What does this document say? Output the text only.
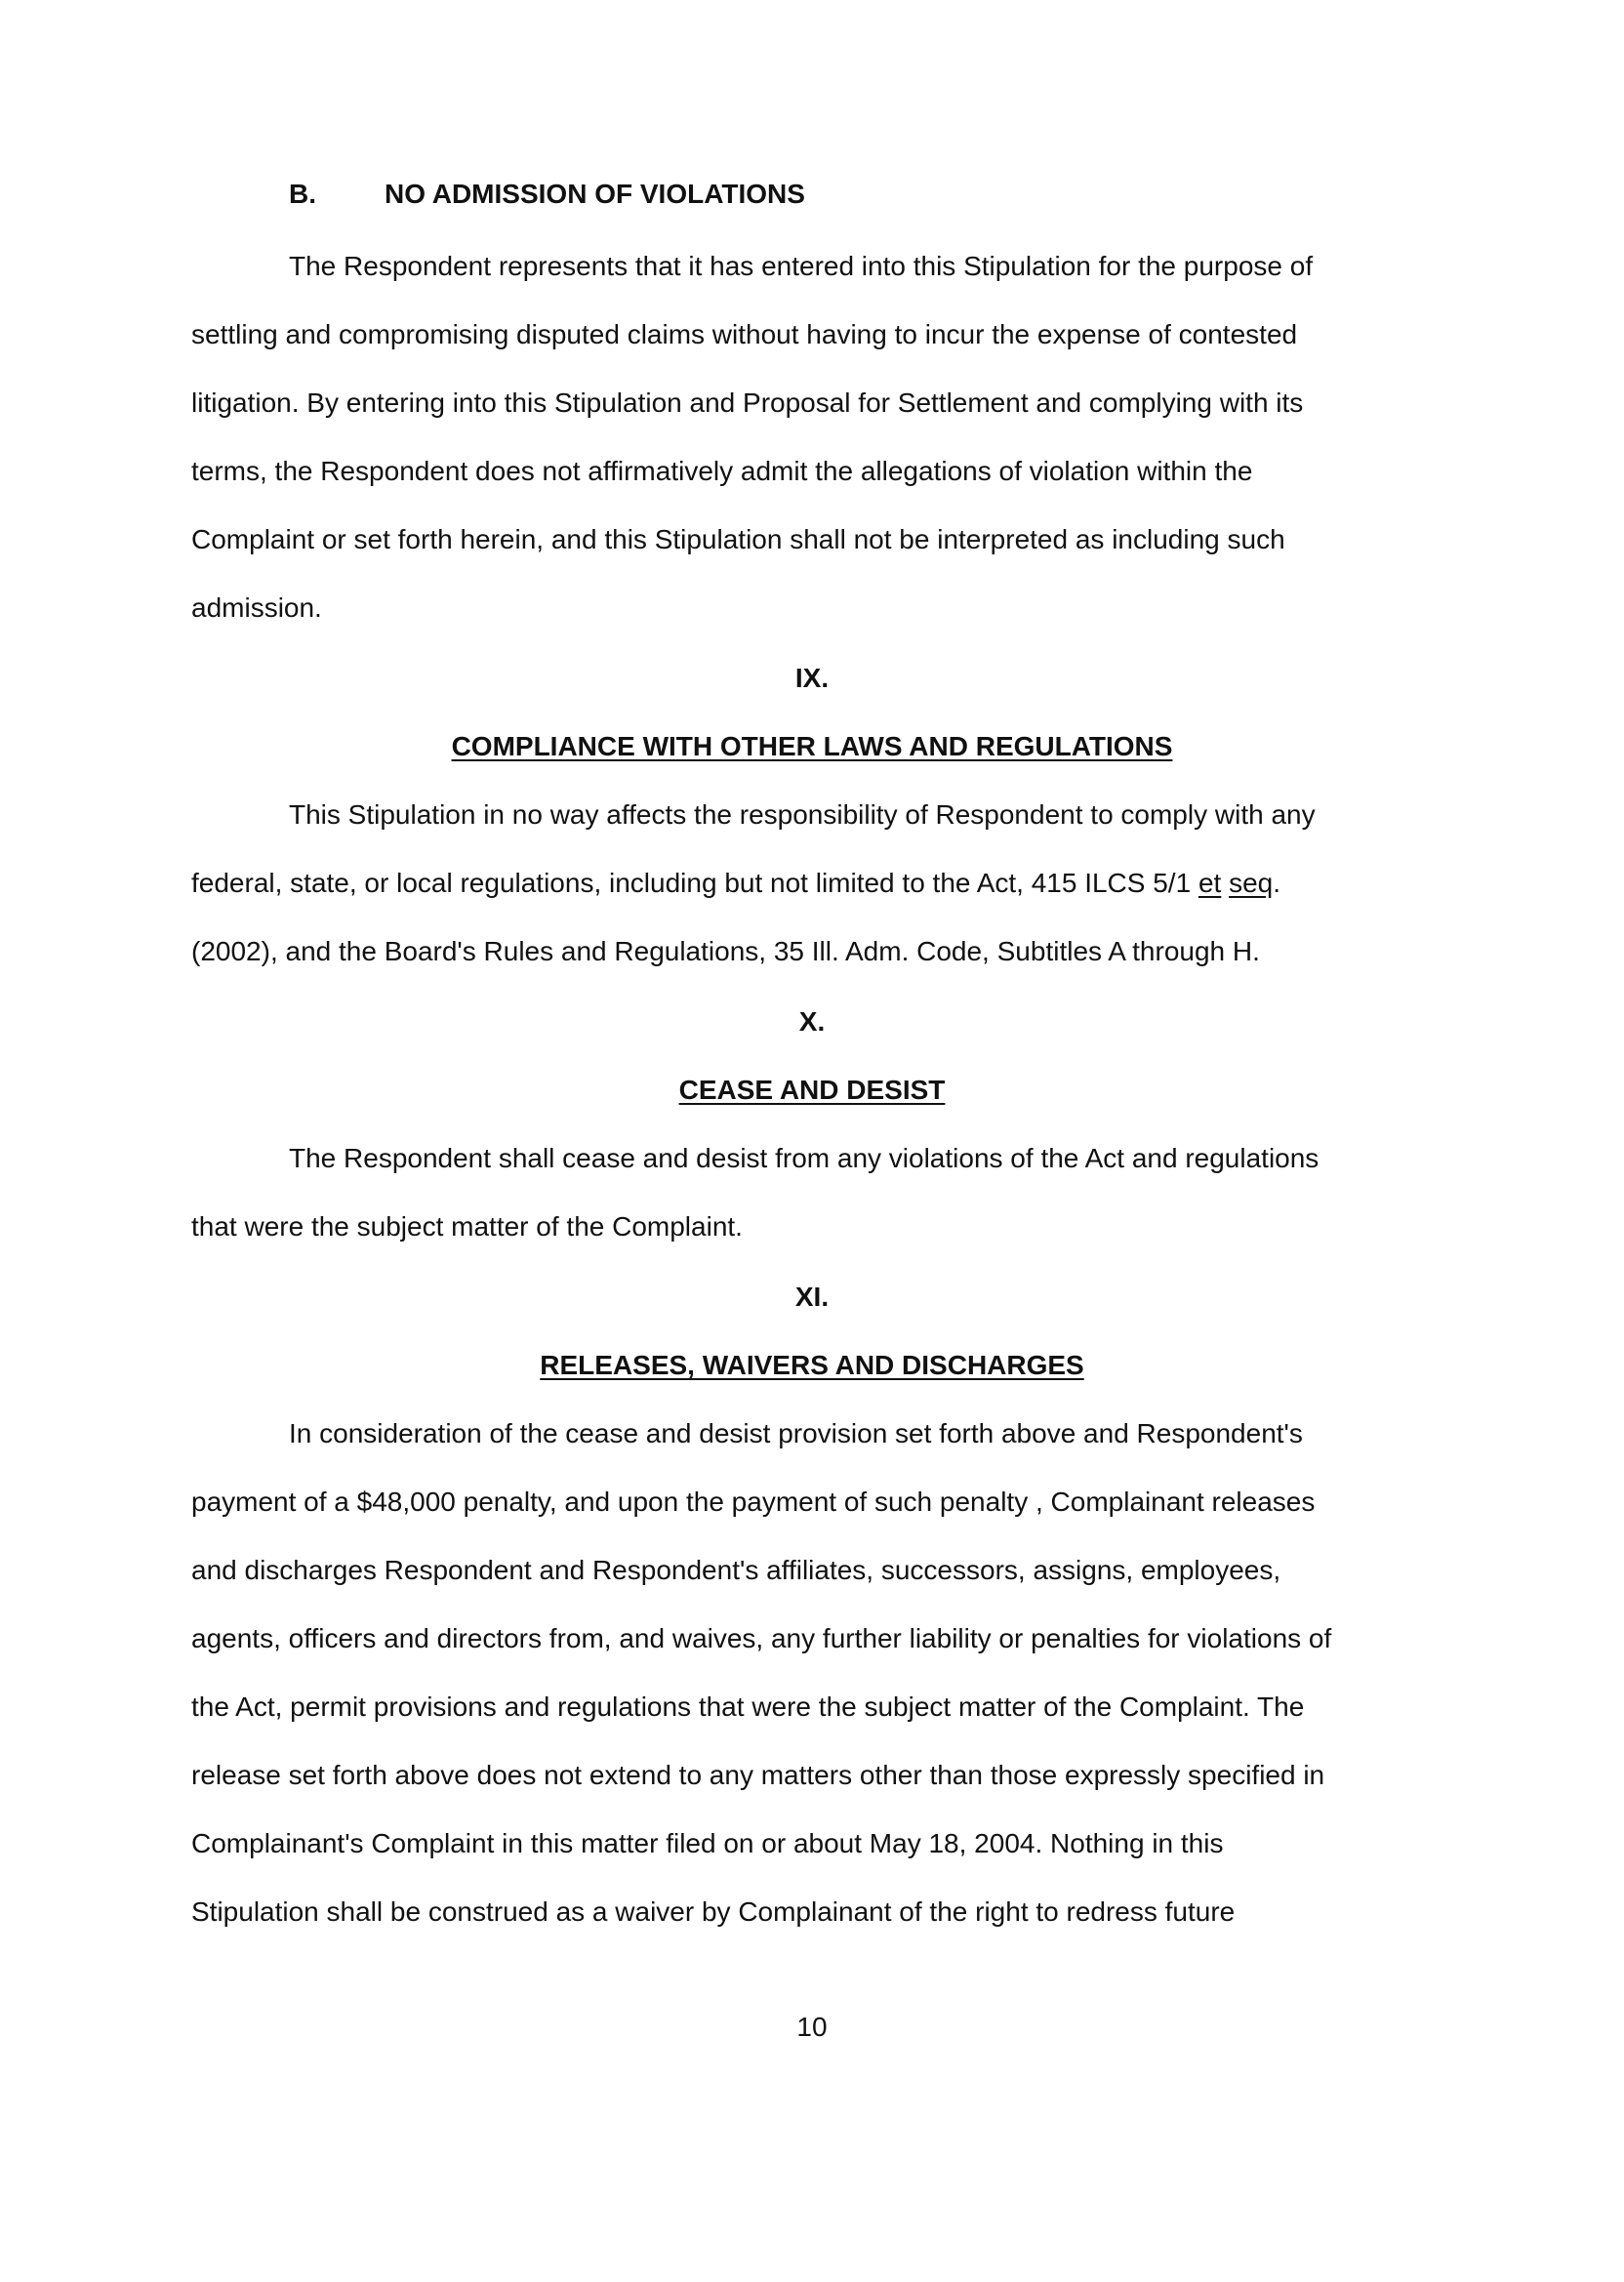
B.	NO ADMISSION OF VIOLATIONS
The Respondent represents that it has entered into this Stipulation for the purpose of
settling and compromising disputed claims without having to incur the expense of contested
litigation. By entering into this Stipulation and Proposal for Settlement and complying with its
terms, the Respondent does not affirmatively admit the allegations of violation within the
Complaint or set forth herein, and this Stipulation shall not be interpreted as including such
admission.
IX.
COMPLIANCE WITH OTHER LAWS AND REGULATIONS
This Stipulation in no way affects the responsibility of Respondent to comply with any
federal, state, or local regulations, including but not limited to the Act, 415 ILCS 5/1 et seq.
(2002), and the Board's Rules and Regulations, 35 Ill. Adm. Code, Subtitles A through H.
X.
CEASE AND DESIST
The Respondent shall cease and desist from any violations of the Act and regulations
that were the subject matter of the Complaint.
XI.
RELEASES, WAIVERS AND DISCHARGES
In consideration of the cease and desist provision set forth above and Respondent's
payment of a $48,000 penalty, and upon the payment of such penalty , Complainant releases
and discharges Respondent and Respondent's affiliates, successors, assigns, employees,
agents, officers and directors from, and waives, any further liability or penalties for violations of
the Act, permit provisions and regulations that were the subject matter of the Complaint. The
release set forth above does not extend to any matters other than those expressly specified in
Complainant's Complaint in this matter filed on or about May 18, 2004. Nothing in this
Stipulation shall be construed as a waiver by Complainant of the right to redress future
10
